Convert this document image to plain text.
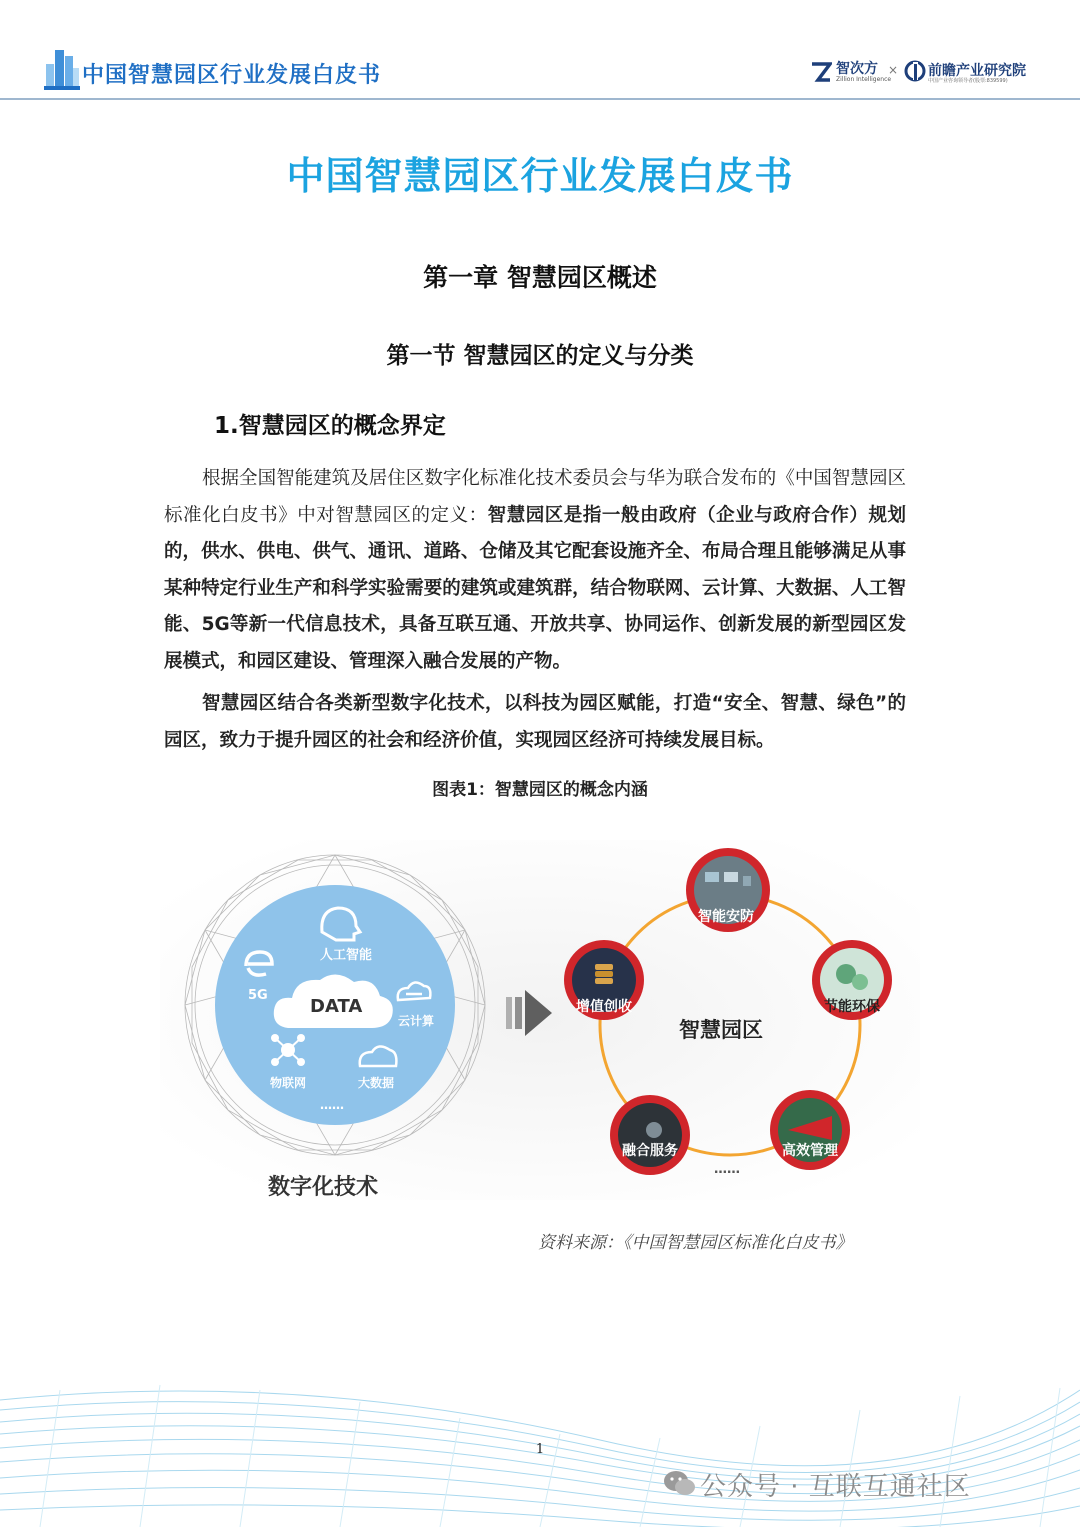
中国智慧园区行业发展白皮书	智次方
Zillion Intelligence
× 前瞻产业研究院
中国产业咨询领导者(股票:839599)
中国智慧园区行业发展白皮书
第一章 智慧园区概述
第一节 智慧园区的定义与分类
1.智慧园区的概念界定
根据全国智能建筑及居住区数字化标准化技术委员会与华为联合发布的《中国智慧园区标准化白皮书》中对智慧园区的定义：智慧园区是指一般由政府（企业与政府合作）规划的，供水、供电、供气、通讯、道路、仓储及其它配套设施齐全、布局合理且能够满足从事某种特定行业生产和科学实验需要的建筑或建筑群，结合物联网、云计算、大数据、人工智能、5G等新一代信息技术，具备互联互通、开放共享、协同运作、创新发展的新型园区发展模式，和园区建设、管理深入融合发展的产物。
智慧园区结合各类新型数字化技术，以科技为园区赋能，打造“安全、智慧、绿色”的园区，致力于提升园区的社会和经济价值，实现园区经济可持续发展目标。
图表1：智慧园区的概念内涵
人工智能
5G
云计算
物联网	大数据
……
DATA
数字化技术
智慧园区
智能安防
节能环保
高效管理
融合服务
增值创收
……
资料来源：《中国智慧园区标准化白皮书》
1
公众号 · 互联互通社区
